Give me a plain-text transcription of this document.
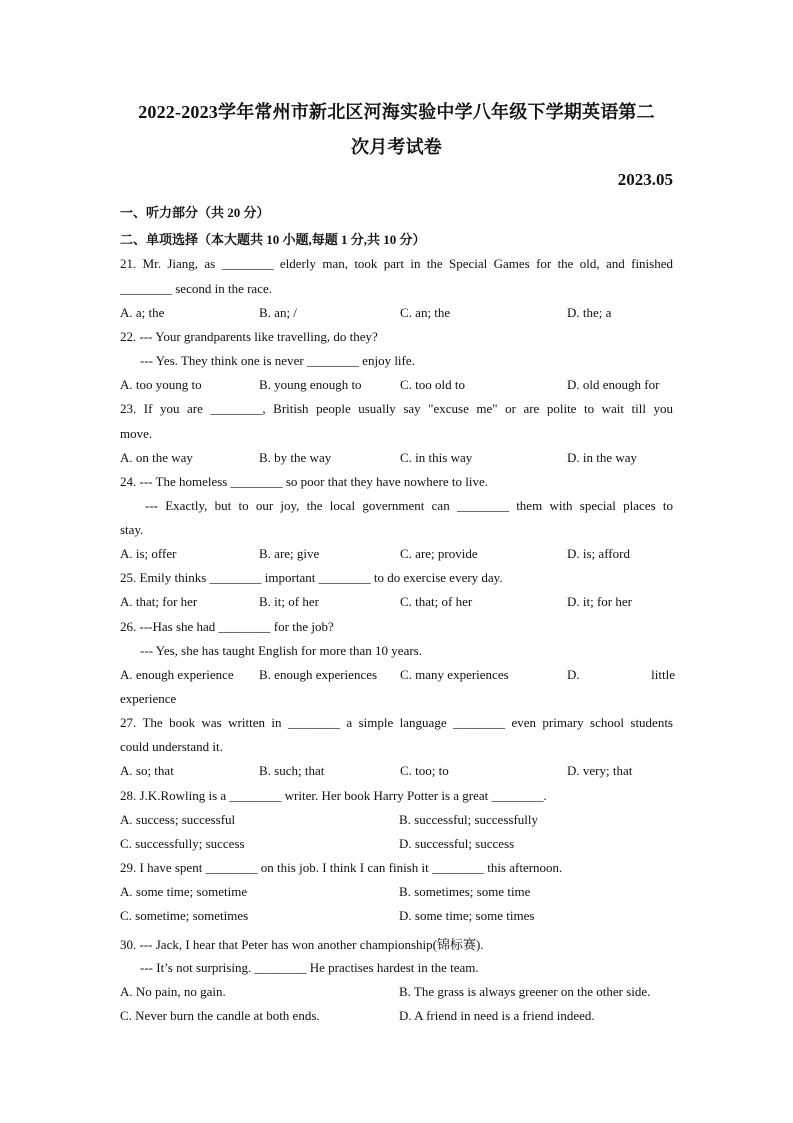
2022-2023学年常州市新北区河海实验中学八年级下学期英语第二
次月考试卷
2023.05
一、听力部分（共 20 分）
二、单项选择（本大题共 10 小题,每题 1 分,共 10 分）
21. Mr. Jiang, as ________ elderly man, took part in the Special Games for the old, and finished
________ second in the race.
A. a; the	B. an; /	C. an; the	D. the; a
22. --- Your grandparents like travelling, do they?
--- Yes. They think one is never ________ enjoy life.
A. too young to	B. young enough to	C. too old to	D. old enough for
23. If you are ________, British people usually say "excuse me" or are polite to wait till you
move.
A. on the way	B. by the way	C. in this way	D. in the way
24. --- The homeless ________ so poor that they have nowhere to live.
--- Exactly, but to our joy, the local government can ________ them with special places to
stay.
A. is; offer	B. are; give	C. are; provide	D. is; afford
25. Emily thinks ________ important ________ to do exercise every day.
A. that; for her	B. it; of her	C. that; of her	D. it; for her
26. ---Has she had ________ for the job?
--- Yes, she has taught English for more than 10 years.
A. enough experience B. enough experiences C. many experiences	D.	little
experience
27. The book was written in ________ a simple language ________ even primary school students
could understand it.
A. so; that	B. such; that	C. too; to	D. very; that
28. J.K.Rowling is a ________ writer. Her book Harry Potter is a great ________.
A. success; successful	B. successful; successfully
C. successfully; success	D. successful; success
29. I have spent ________ on this job. I think I can finish it ________ this afternoon.
A. some time; sometime	B. sometimes; some time
C. sometime; sometimes	D. some time; some times
30. --- Jack, I hear that Peter has won another championship(锦标赛).
--- It’s not surprising. ________ He practises hardest in the team.
A. No pain, no gain.	B. The grass is always greener on the other side.
C. Never burn the candle at both ends.	D. A friend in need is a friend indeed.
